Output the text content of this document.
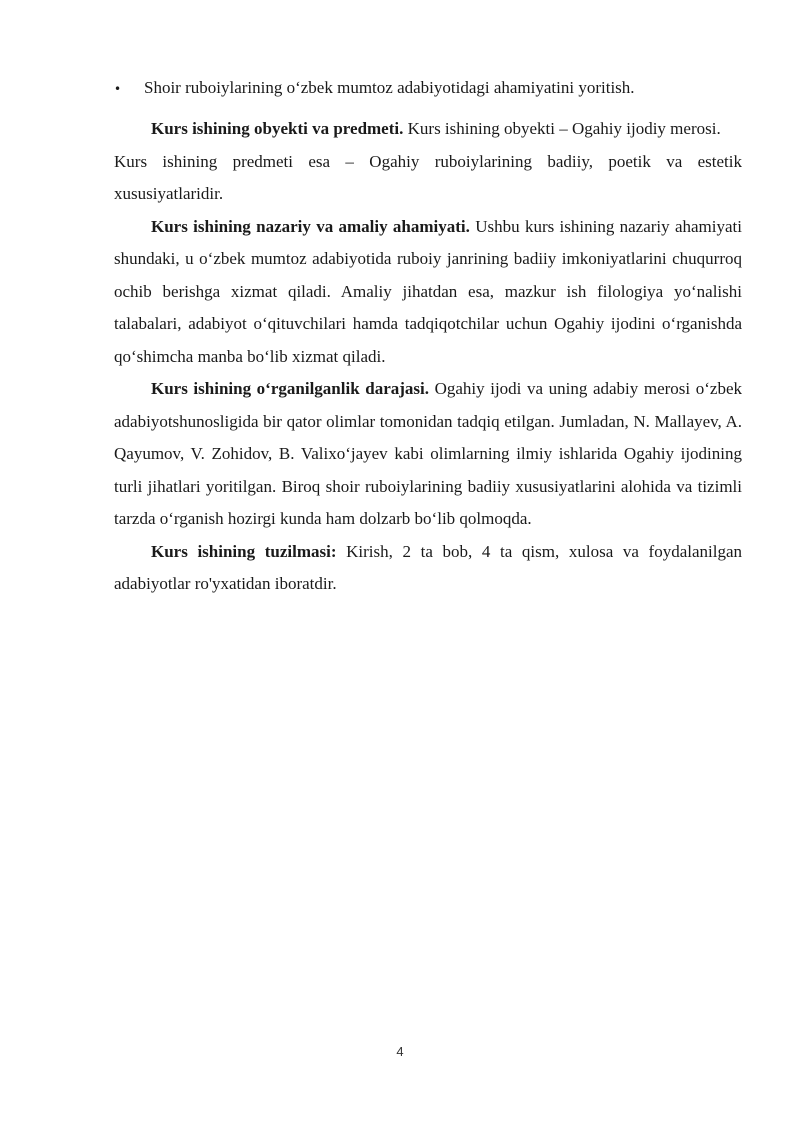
•	Shoir ruboiylarining o‘zbek mumtoz adabiyotidagi ahamiyatini yoritish.

Kurs ishining obyekti va predmeti. Kurs ishining obyekti – Ogahiy ijodiy merosi.

Kurs ishining predmeti esa – Ogahiy ruboiylarining badiiy, poetik va estetik xususiyatlaridir.

Kurs ishining nazariy va amaliy ahamiyati. Ushbu kurs ishining nazariy ahamiyati shundaki, u o‘zbek mumtoz adabiyotida ruboiy janrining badiiy imkoniyatlarini chuqurroq ochib berishga xizmat qiladi. Amaliy jihatdan esa, mazkur ish filologiya yo‘nalishi talabalari, adabiyot o‘qituvchilari hamda tadqiqotchilar uchun Ogahiy ijodini o‘rganishda qo‘shimcha manba bo‘lib xizmat qiladi.

Kurs ishining o‘rganilganlik darajasi. Ogahiy ijodi va uning adabiy merosi o‘zbek adabiyotshunosligida bir qator olimlar tomonidan tadqiq etilgan. Jumladan, N. Mallayev, A. Qayumov, V. Zohidov, B. Valixo‘jayev kabi olimlarning ilmiy ishlarida Ogahiy ijodining turli jihatlari yoritilgan. Biroq shoir ruboiylarining badiiy xususiyatlarini alohida va tizimli tarzda o‘rganish hozirgi kunda ham dolzarb bo‘lib qolmoqda.

Kurs ishining tuzilmasi: Kirish, 2 ta bob, 4 ta qism, xulosa va foydalanilgan adabiyotlar ro'yxatidan iboratdir.

4
